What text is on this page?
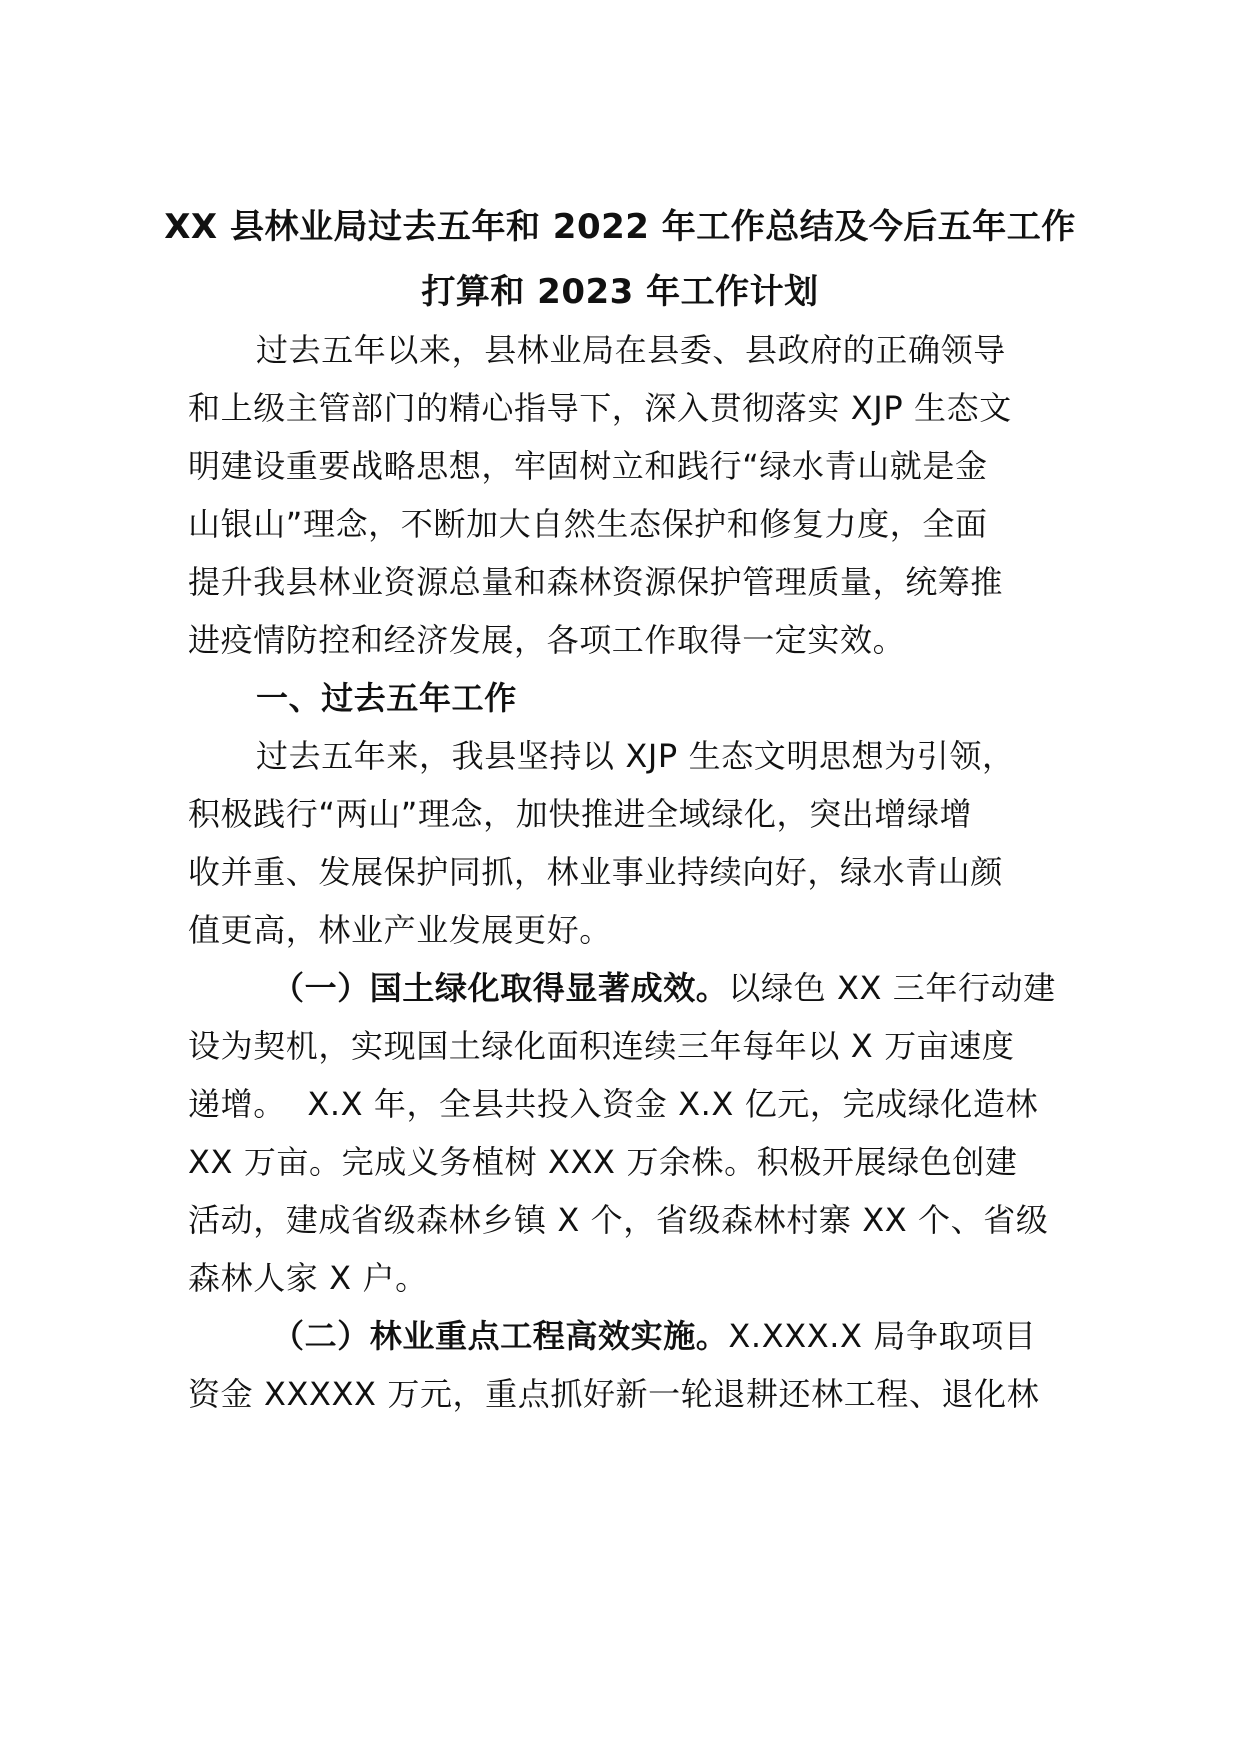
XX 县林业局过去五年和 2022 年工作总结及今后五年工作
打算和 2023 年工作计划
过去五年以来，县林业局在县委、县政府的正确领导
和上级主管部门的精心指导下，深入贯彻落实 XJP 生态文
明建设重要战略思想，牢固树立和践行“绿水青山就是金
山银山”理念，不断加大自然生态保护和修复力度，全面
提升我县林业资源总量和森林资源保护管理质量，统筹推
进疫情防控和经济发展，各项工作取得一定实效。
一、过去五年工作
过去五年来，我县坚持以 XJP 生态文明思想为引领，
积极践行“两山”理念，加快推进全域绿化，突出增绿增
收并重、发展保护同抓，林业事业持续向好，绿水青山颜
值更高，林业产业发展更好。
（一）国土绿化取得显著成效。以绿色 XX 三年行动建
设为契机，实现国土绿化面积连续三年每年以 X 万亩速度
递增。  X.X 年，全县共投入资金 X.X 亿元，完成绿化造林
XX 万亩。完成义务植树 XXX 万余株。积极开展绿色创建
活动，建成省级森林乡镇 X 个，省级森林村寨 XX 个、省级
森林人家 X 户。
（二）林业重点工程高效实施。X.XXX.X 局争取项目
资金 XXXXX 万元，重点抓好新一轮退耕还林工程、退化林
